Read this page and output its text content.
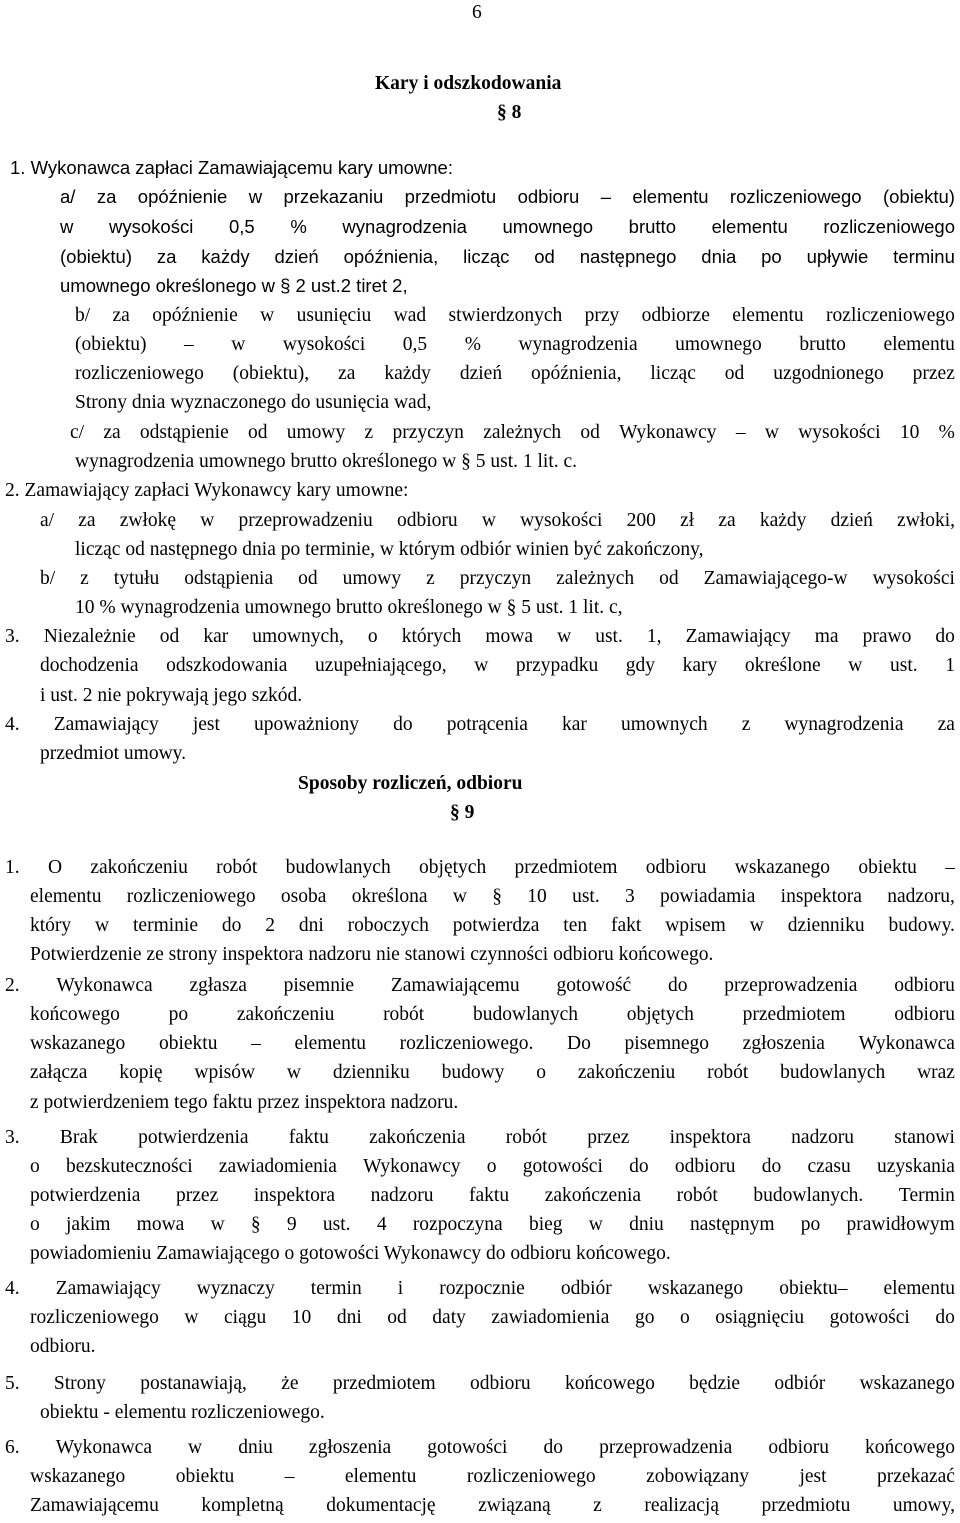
6
Kary i odszkodowania
§ 8
1. Wykonawca zapłaci Zamawiającemu kary umowne:
a/ za opóźnienie w przekazaniu przedmiotu odbioru – elementu rozliczeniowego (obiektu)
w wysokości 0,5 % wynagrodzenia umownego brutto elementu rozliczeniowego
(obiektu) za każdy dzień opóźnienia, licząc od następnego dnia po upływie terminu
umownego określonego w § 2 ust.2 tiret 2,
b/ za opóźnienie w usunięciu wad stwierdzonych przy odbiorze elementu rozliczeniowego
(obiektu) – w wysokości 0,5 % wynagrodzenia umownego brutto elementu
rozliczeniowego (obiektu), za każdy dzień opóźnienia, licząc od uzgodnionego przez
Strony dnia wyznaczonego do usunięcia wad,
c/ za odstąpienie od umowy z przyczyn zależnych od Wykonawcy – w wysokości 10 %
wynagrodzenia umownego brutto określonego w § 5 ust. 1 lit. c.
2. Zamawiający zapłaci Wykonawcy kary umowne:
a/ za zwłokę w przeprowadzeniu odbioru w wysokości 200 zł za każdy dzień zwłoki,
licząc od następnego dnia po terminie, w którym odbiór winien być zakończony,
b/ z tytułu odstąpienia od umowy z przyczyn zależnych od Zamawiającego-w wysokości
10 % wynagrodzenia umownego brutto określonego w § 5 ust. 1 lit. c,
3. Niezależnie od kar umownych, o których mowa w ust. 1, Zamawiający ma prawo do
dochodzenia odszkodowania uzupełniającego, w przypadku gdy kary określone w ust. 1
i ust. 2 nie pokrywają jego szkód.
4. Zamawiający jest upoważniony do potrącenia kar umownych z wynagrodzenia za
przedmiot umowy.
Sposoby rozliczeń, odbioru
§ 9
1. O zakończeniu robót budowlanych objętych przedmiotem odbioru wskazanego obiektu –
elementu rozliczeniowego osoba określona w § 10 ust. 3 powiadamia inspektora nadzoru,
który w terminie do 2 dni roboczych potwierdza ten fakt wpisem w dzienniku budowy.
Potwierdzenie ze strony inspektora nadzoru nie stanowi czynności odbioru końcowego.
2. Wykonawca zgłasza pisemnie Zamawiającemu gotowość do przeprowadzenia odbioru
końcowego po zakończeniu robót budowlanych objętych przedmiotem odbioru
wskazanego obiektu – elementu rozliczeniowego. Do pisemnego zgłoszenia Wykonawca
załącza kopię wpisów w dzienniku budowy o zakończeniu robót budowlanych wraz
z potwierdzeniem tego faktu przez inspektora nadzoru.
3. Brak potwierdzenia faktu zakończenia robót przez inspektora nadzoru stanowi
o bezskuteczności zawiadomienia Wykonawcy o gotowości do odbioru do czasu uzyskania
potwierdzenia przez inspektora nadzoru faktu zakończenia robót budowlanych. Termin
o jakim mowa w § 9 ust. 4 rozpoczyna bieg w dniu następnym po prawidłowym
powiadomieniu Zamawiającego o gotowości Wykonawcy do odbioru końcowego.
4. Zamawiający wyznaczy termin i rozpocznie odbiór wskazanego obiektu– elementu
rozliczeniowego w ciągu 10 dni od daty zawiadomienia go o osiągnięciu gotowości do
odbioru.
5. Strony postanawiają, że przedmiotem odbioru końcowego będzie odbiór wskazanego
obiektu - elementu rozliczeniowego.
6. Wykonawca w dniu zgłoszenia gotowości do przeprowadzenia odbioru końcowego
wskazanego	obiektu	–	elementu	rozliczeniowego	zobowiązany	jest	przekazać
Zamawiającemu kompletną dokumentację związaną z realizacją przedmiotu umowy,
